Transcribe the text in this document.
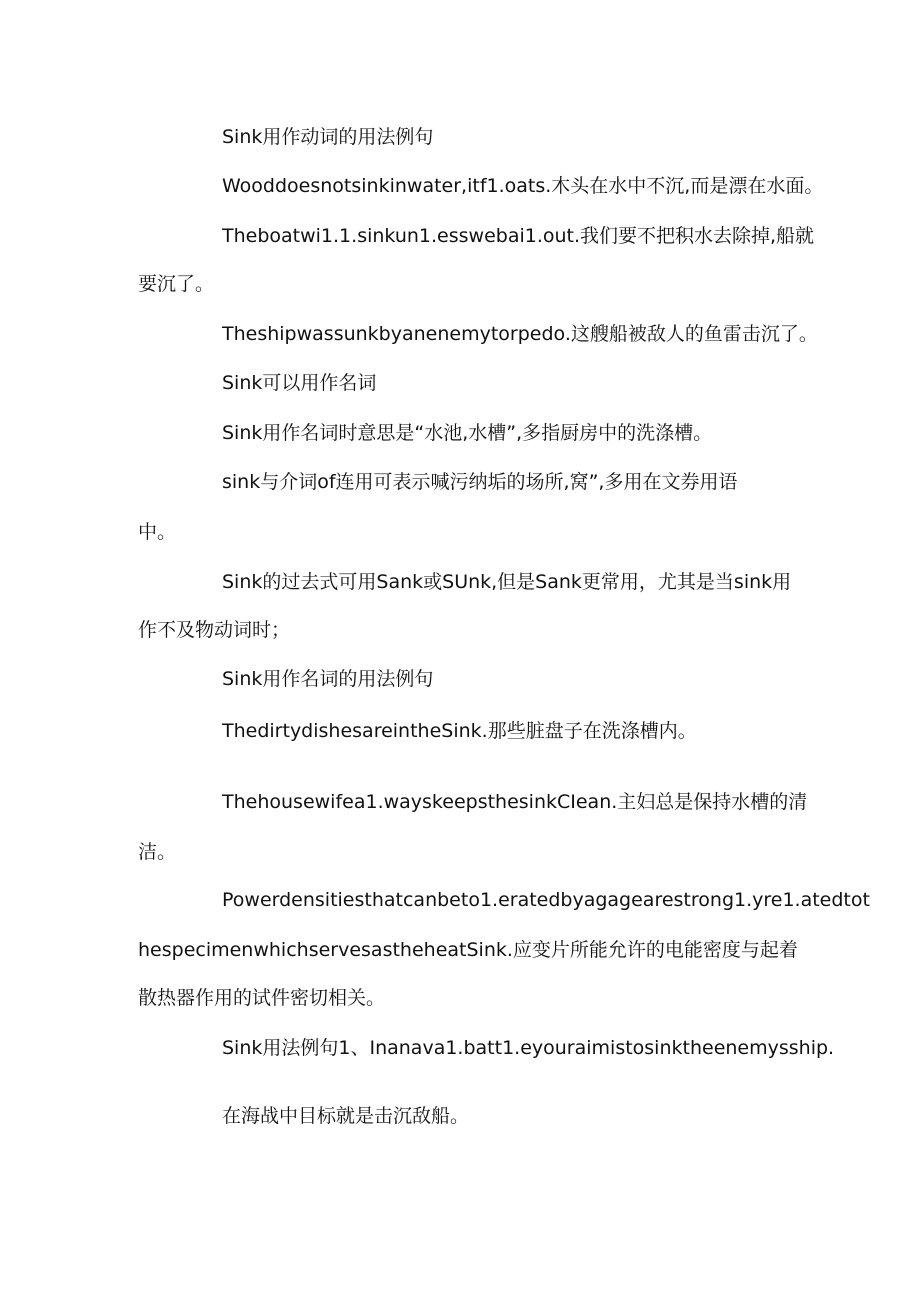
Sink用作动词的用法例句
Wooddoesnotsinkinwater,itf1.oats.木头在水中不沉,而是漂在水面。
Theboatwi1.1.sinkun1.esswebai1.out.我们要不把积水去除掉,船就
要沉了。
Theshipwassunkbyanenemytorpedo.这艘船被敌人的鱼雷击沉了。
Sink可以用作名词
Sink用作名词时意思是“水池,水槽”,多指厨房中的洗涤槽。
sink与介词of连用可表示喊污纳垢的场所,窝”,多用在文券用语
中。
Sink的过去式可用Sank或SUnk,但是Sank更常用，尤其是当sink用
作不及物动词时；
Sink用作名词的用法例句
ThedirtydishesareintheSink.那些脏盘子在洗涤槽内。
Thehousewifea1.wayskeepsthesinkCIean.主妇总是保持水槽的清
洁。
Powerdensitiesthatcanbeto1.eratedbyagagearestrong1.yre1.atedtot
hespecimenwhichservesastheheatSink.应变片所能允许的电能密度与起着
散热器作用的试件密切相关。
Sink用法例句1、Inanava1.batt1.eyouraimistosinktheenemysship.
在海战中目标就是击沉敌船。
